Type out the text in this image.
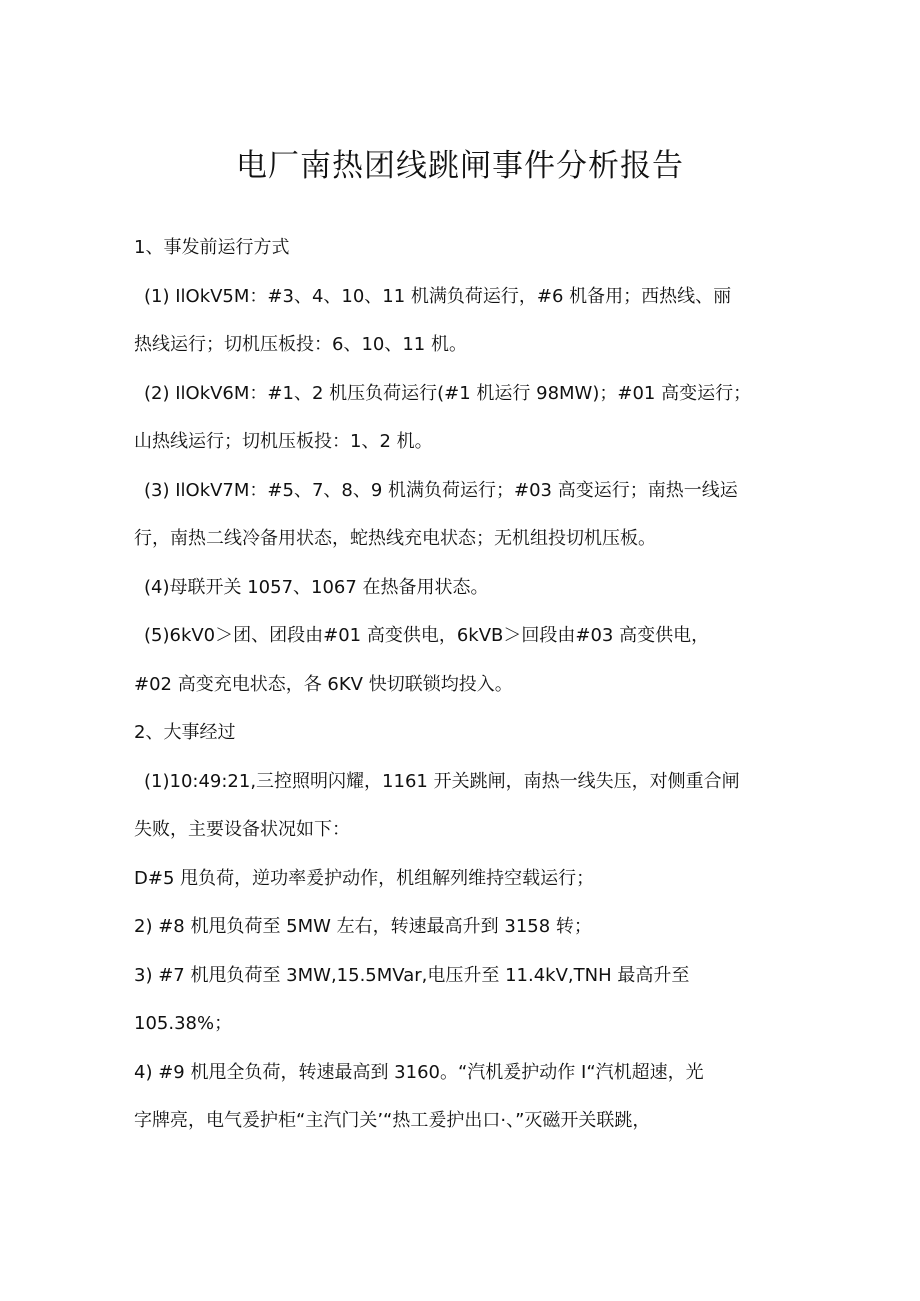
电厂南热团线跳闸事件分析报告
1、事发前运行方式
(1) IlOkV5M：#3、4、10、11 机满负荷运行，#6 机备用；西热线、丽
热线运行；切机压板投：6、10、11 机。
(2) IlOkV6M：#1、2 机压负荷运行(#1 机运行 98MW)；#01 高变运行；
山热线运行；切机压板投：1、2 机。
(3) IlOkV7M：#5、7、8、9 机满负荷运行；#03 高变运行；南热一线运
行，南热二线冷备用状态，蛇热线充电状态；无机组投切机压板。
(4)母联开关 1057、1067 在热备用状态。
(5)6kV0＞团、团段由#01 高变供电，6kVB＞回段由#03 高变供电，
#02 高变充电状态，各 6KV 快切联锁均投入。
2、大事经过
(1)10:49:21,三控照明闪耀，1161 开关跳闸，南热一线失压，对侧重合闸
失败，主要设备状况如下：
D#5 甩负荷，逆功率爰护动作，机组解列维持空载运行；
2) #8 机甩负荷至 5MW 左右，转速最高升到 3158 转；
3) #7 机甩负荷至 3MW,15.5MVar,电压升至 11.4kV,TNH 最高升至
105.38%；
4) #9 机甩全负荷，转速最高到 3160。“汽机爰护动作 I“汽机超速，光
字牌亮，电气爰护柜“主汽门关’“热工爰护出口·、”灭磁开关联跳，
